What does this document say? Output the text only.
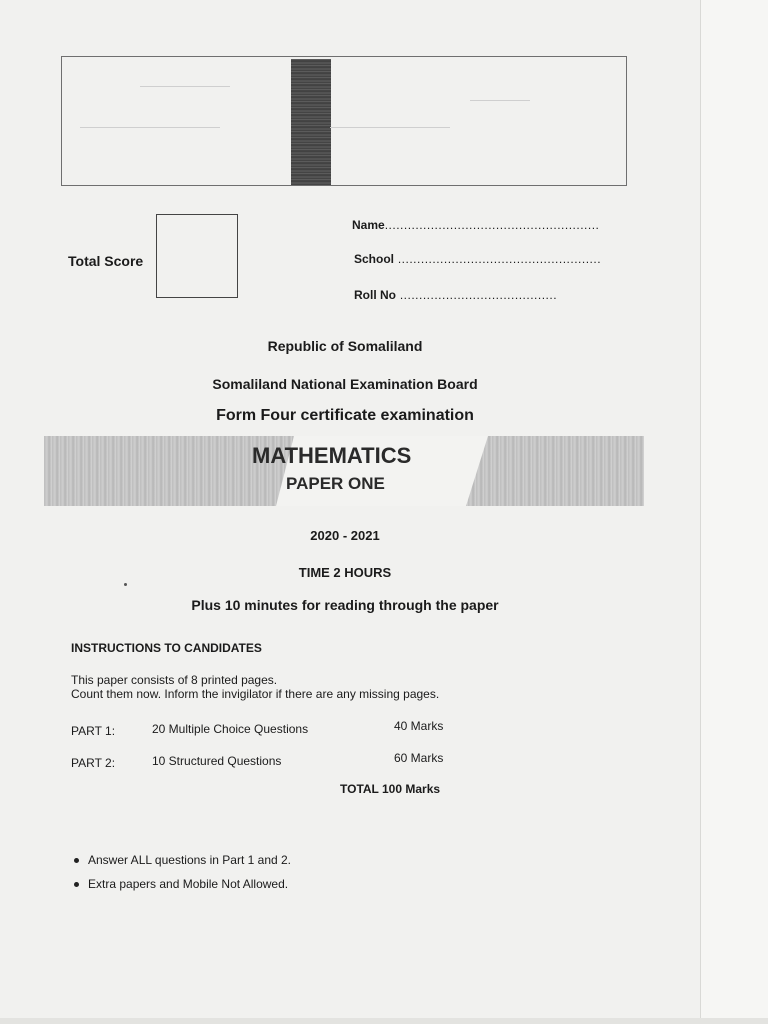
Total Score
Name........................................................
School .....................................................
Roll No .........................................
Republic of Somaliland
Somaliland National Examination Board
Form Four certificate examination
MATHEMATICS
PAPER ONE
2020 - 2021
TIME 2 HOURS
Plus 10 minutes for reading through the paper
INSTRUCTIONS TO CANDIDATES
This paper consists of 8 printed pages.
Count them now. Inform the invigilator if there are any missing pages.
PART 1:	20 Multiple Choice Questions	40 Marks
PART 2:	10 Structured Questions	60 Marks
TOTAL 100 Marks
Answer ALL questions in Part 1 and 2.
Extra papers and Mobile Not Allowed.
